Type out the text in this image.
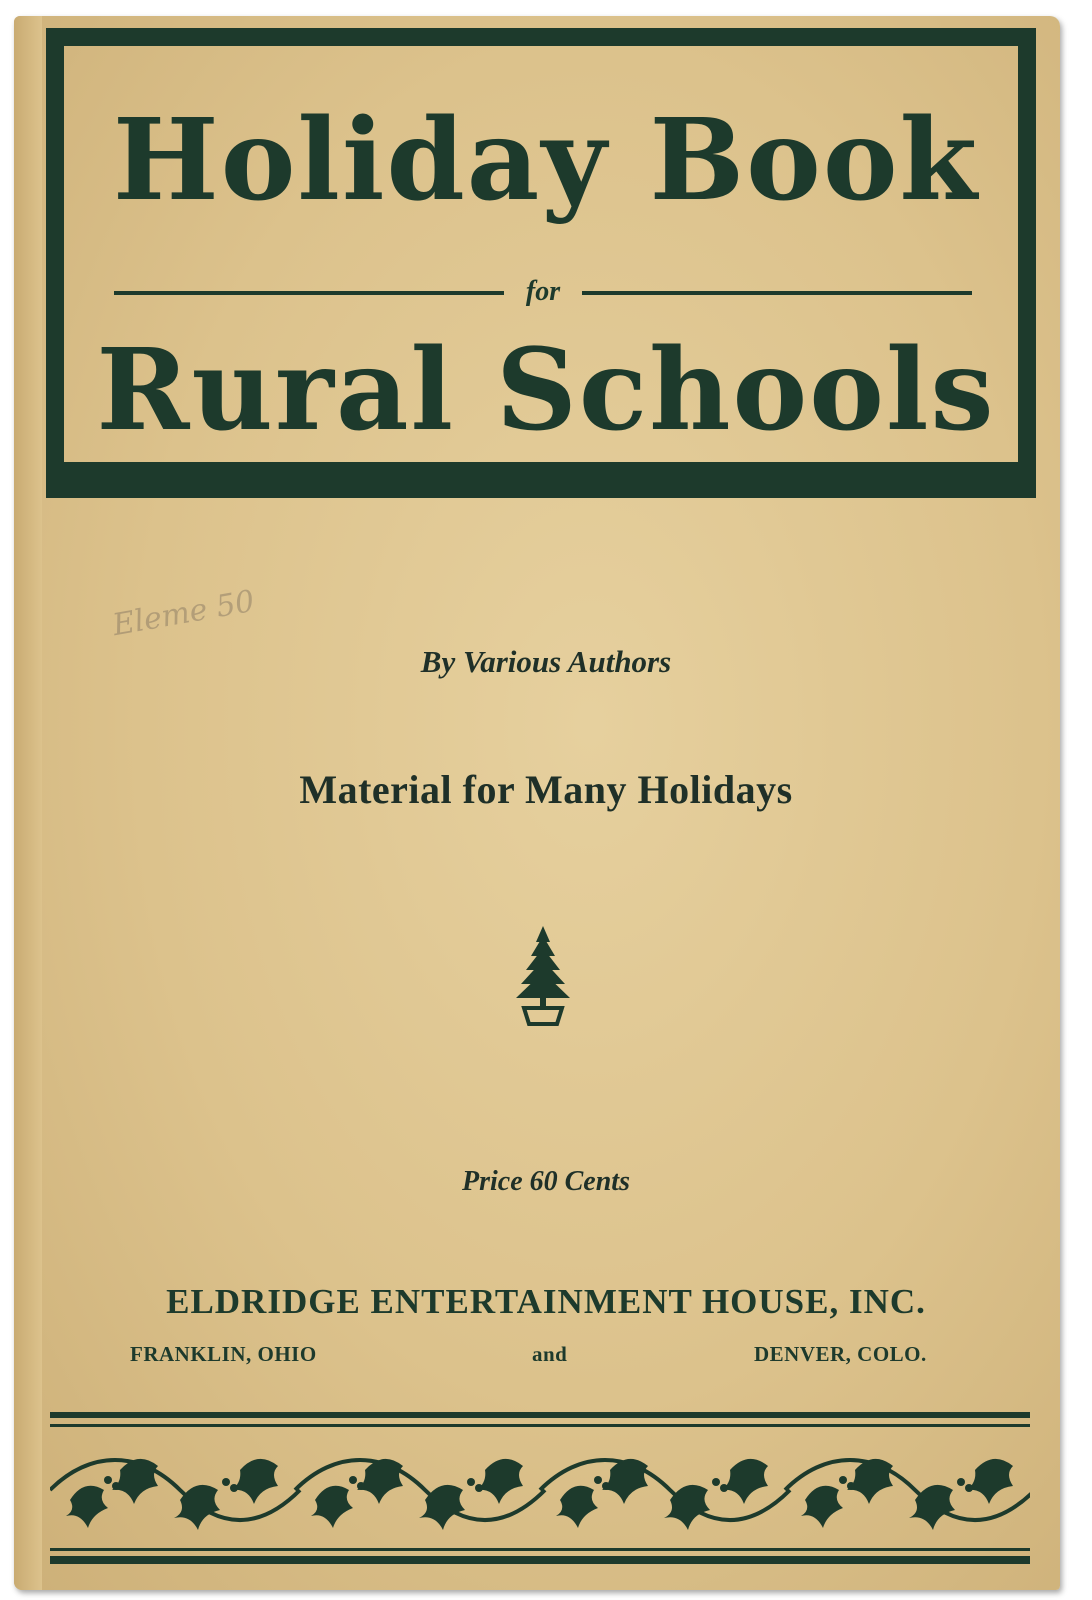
Holiday Book
for
Rural Schools
Eleme 50
By Various Authors
Material for Many Holidays
Price 60 Cents
ELDRIDGE ENTERTAINMENT HOUSE, INC.
FRANKLIN, OHIO	and	DENVER, COLO.
